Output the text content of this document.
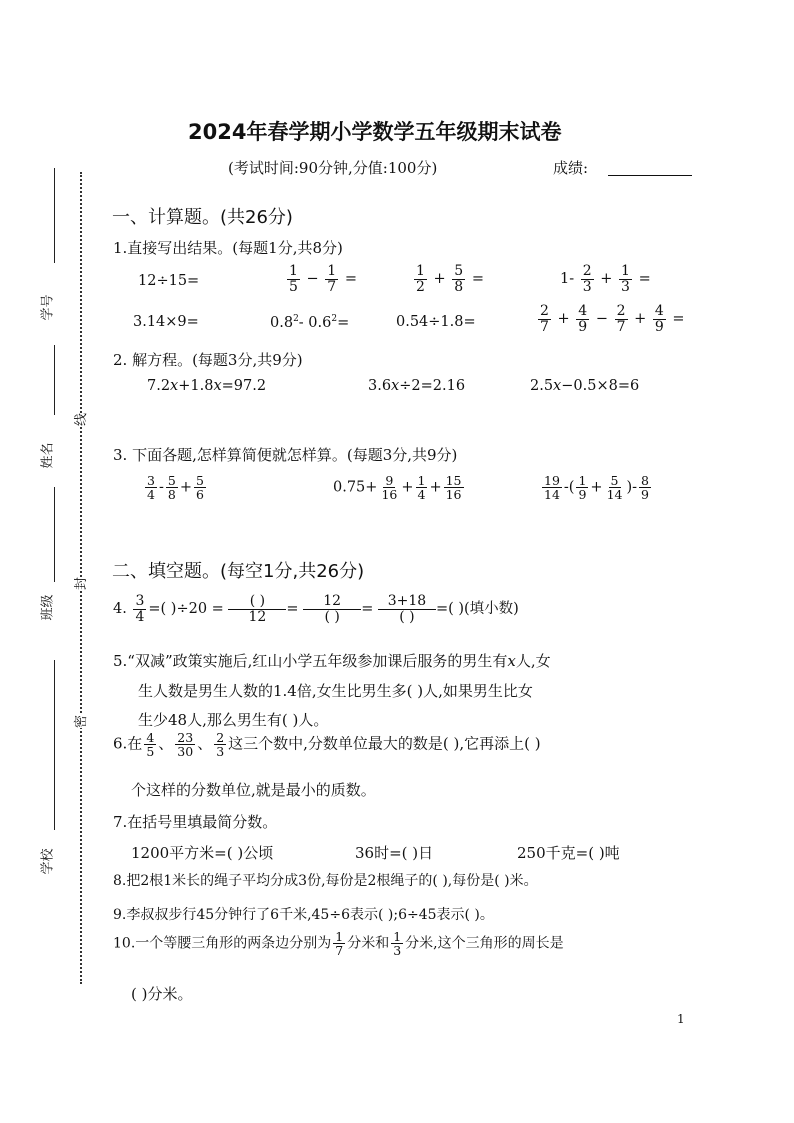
学号
姓名
班级
学校
线
封
密
2024年春学期小学数学五年级期末试卷
(考试时间:90分钟,分值:100分)	成绩:
一、计算题。(共26分)
1.直接写出结果。(每题1分,共8分)
12÷15=	$\frac{1}{5} - \frac{1}{7}$ =	$\frac{1}{2} + \frac{5}{8}$ =	$1- \frac{2}{3} + \frac{1}{3}$ =
3.14×9=	$0.8^2-$ $0.6^2=$	0.54÷1.8=	$\frac{2}{7} + \frac{4}{9} - \frac{2}{7} + \frac{4}{9}$ =
2. 解方程。(每题3分,共9分)
7.2𝑥+1.8𝑥=97.2	3.6𝑥÷2=2.16	2.5𝑥−0.5×8=6
3. 下面各题,怎样算简便就怎样算。(每题3分,共9分)
$\frac{3}{4} - \frac{5}{8} + \frac{5}{6}$	$0.75+ \frac{9}{16} + \frac{1}{4} + \frac{15}{16}$	$\frac{19}{14}$ -( $\frac{1}{9} + \frac{5}{14}$ )- $\frac{8}{9}$
二、填空题。(每空1分,共26分)
4. $\frac{3}{4}$ =( )$\div 20 = \frac{( )}{12} = \frac{12}{( )} = \frac{3+18}{( )}$ =( )(填小数)
5.“双减”政策实施后,红山小学五年级参加课后服务的男生有𝑥人,女
生人数是男生人数的1.4倍,女生比男生多( )人,如果男生比女
生少48人,那么男生有( )人。
6.在 $\frac{4}{5}$ 、 $\frac{23}{30}$ 、 $\frac{2}{3}$ 这三个数中,分数单位最大的数是( ),它再添上( )
个这样的分数单位,就是最小的质数。
7.在括号里填最简分数。
1200平方米=( )公顷	36时=( )日	250千克=( )吨
8.把2根1米长的绳子平均分成3份,每份是2根绳子的( ),每份是( )米。
9.李叔叔步行45分钟行了6千米,45÷6表示( );6÷45表示( )。
10.一个等腰三角形的两条边分别为 $\frac{1}{7}$ 分米和 $\frac{1}{3}$ 分米,这个三角形的周长是
( )分米。
1
